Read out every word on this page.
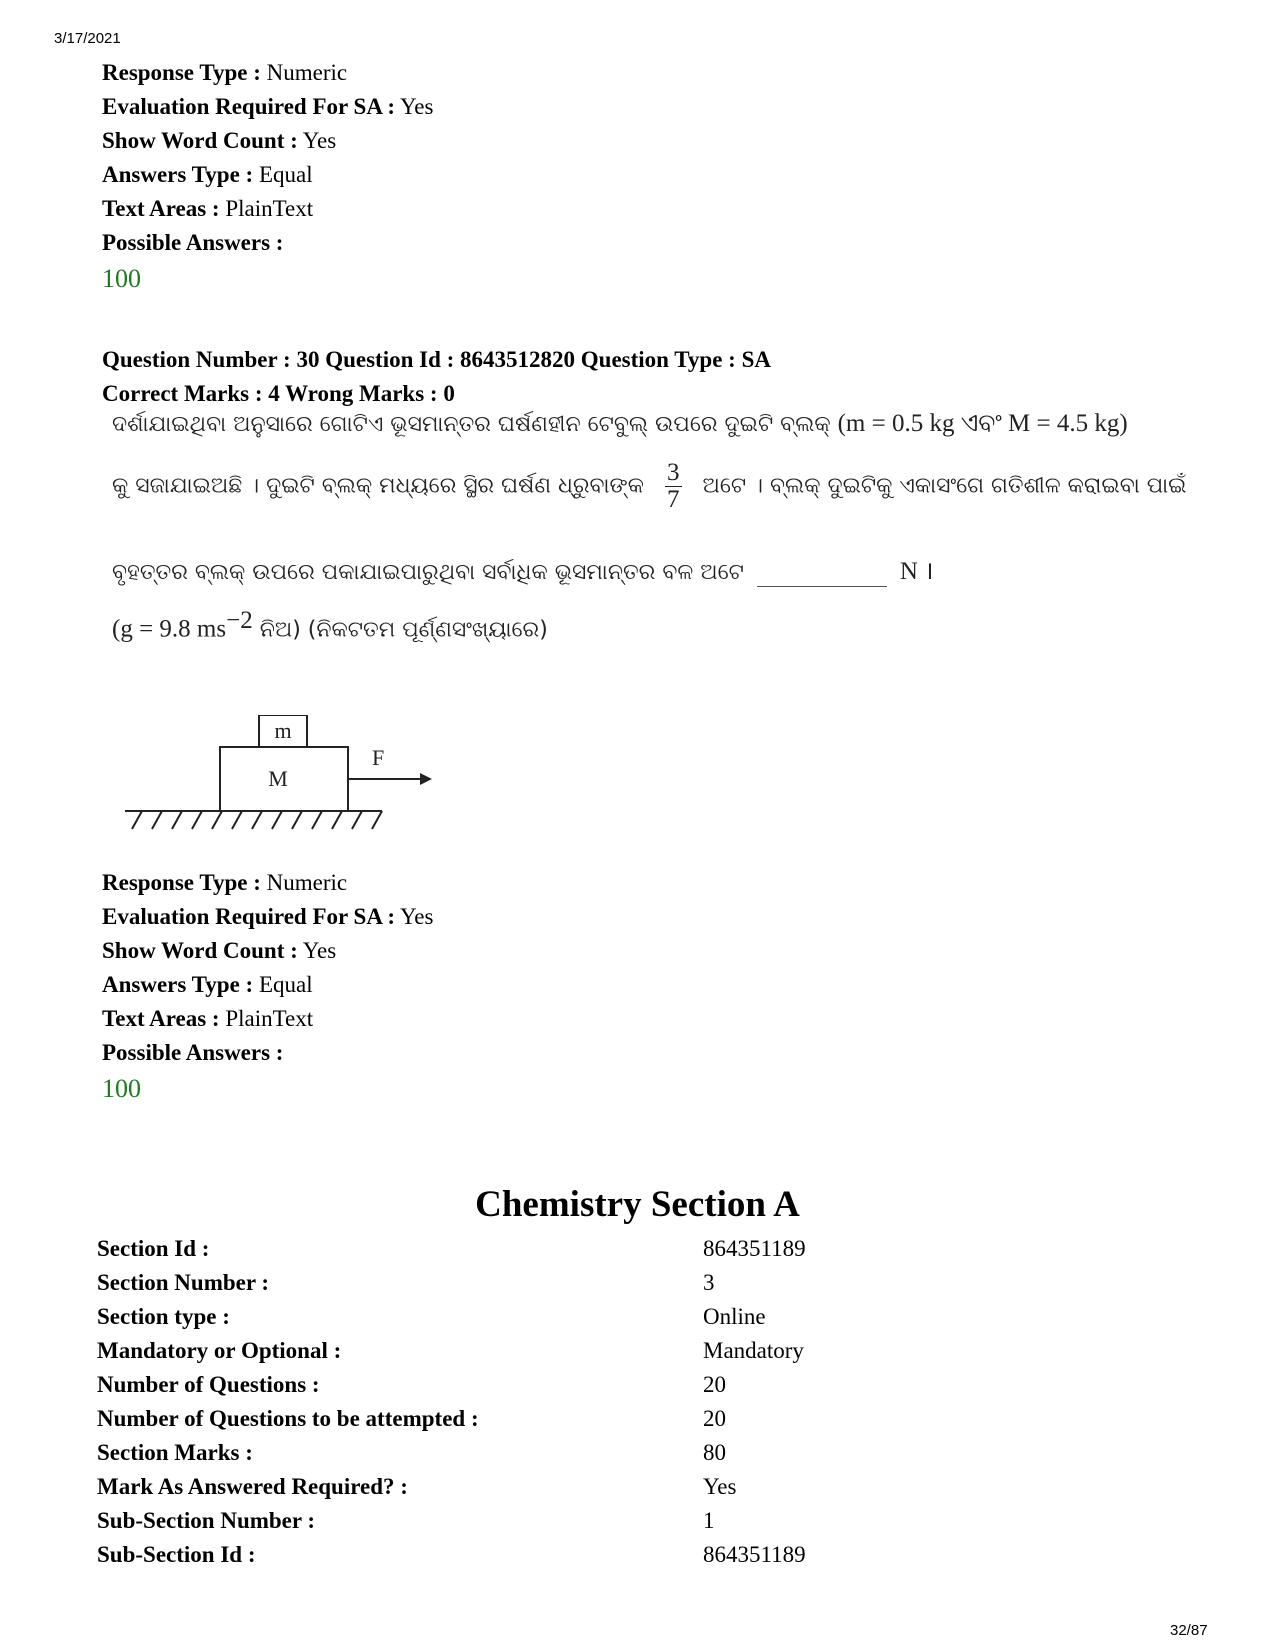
3/17/2021
Response Type : Numeric
Evaluation Required For SA : Yes
Show Word Count : Yes
Answers Type : Equal
Text Areas : PlainText
Possible Answers :
100
Question Number : 30 Question Id : 8643512820 Question Type : SA
Correct Marks : 4 Wrong Marks : 0
ଦର୍ଶାଯାଇଥିବା ଅନୁସାରେ ଗୋଟିଏ ଭୂସମାନ୍ତର ଘର୍ଷଣହୀନ ଟେବୁଲ୍ ଉପରେ ଦୁଇଟି ବ୍ଲକ୍ (m = 0.5 kg ଏବଂ M = 4.5 kg)
କୁ ସଜାଯାଇଅଛି । ଦୁଇଟି ବ୍ଲକ୍ ମଧ୍ୟରେ ସ୍ଥିର ଘର୍ଷଣ ଧ୍ରୁବାଙ୍କ $\frac{3}{7}$ ଅଟେ । ବ୍ଲକ୍ ଦୁଇଟିକୁ ଏକାସଂଗେ ଗତିଶୀଳ କରାଇବା ପାଇଁ
ବୃହତ୍ତର ବ୍ଲକ୍ ଉପରେ ପକାଯାଇପାରୁଥିବା ସର୍ବାଧିକ ଭୂସମାନ୍ତର ବଳ ଅଟେ	N ।
(g = 9.8 $ms^{-2}$ ନିଅ) (ନିକଟତମ ପୂର୍ଣ୍ଣସଂଖ୍ୟାରେ)
m
M
F
Response Type : Numeric
Evaluation Required For SA : Yes
Show Word Count : Yes
Answers Type : Equal
Text Areas : PlainText
Possible Answers :
100
Chemistry Section A
Section Id :	864351189
Section Number :	3
Section type :	Online
Mandatory or Optional :	Mandatory
Number of Questions :	20
Number of Questions to be attempted :	20
Section Marks :	80
Mark As Answered Required? :	Yes
Sub-Section Number :	1
Sub-Section Id :	864351189
32/87
